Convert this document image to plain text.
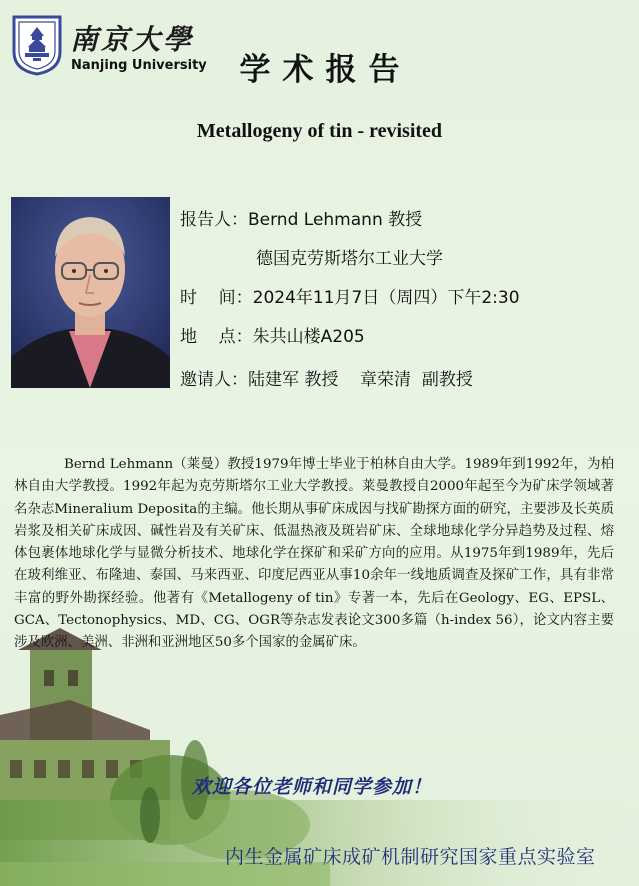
南京大學
Nanjing University	学术报告
Metallogeny of tin - revisited
报告人：Bernd Lehmann 教授
德国克劳斯塔尔工业大学
时    间：2024年11月7日（周四）下午2:30
地    点：朱共山楼A205
邀请人：陆建军 教授    章荣清  副教授
Bernd Lehmann（莱曼）教授1979年博士毕业于柏林自由大学。1989年到1992年，为柏林自由大学教授。1992年起为克劳斯塔尔工业大学教授。莱曼教授自2000年起至今为矿床学领域著名杂志Mineralium Deposita的主编。他长期从事矿床成因与找矿勘探方面的研究，主要涉及长英质岩浆及相关矿床成因、碱性岩及有关矿床、低温热液及斑岩矿床、全球地球化学分异趋势及过程、熔体包裹体地球化学与显微分析技术、地球化学在探矿和采矿方向的应用。从1975年到1989年，先后在玻利维亚、布隆迪、泰国、马来西亚、印度尼西亚从事10余年一线地质调查及探矿工作，具有非常丰富的野外勘探经验。他著有《Metallogeny of tin》专著一本，先后在Geology、EG、EPSL、GCA、Tectonophysics、MD、CG、OGR等杂志发表论文300多篇（h-index 56），论文内容主要涉及欧洲、美洲、非洲和亚洲地区50多个国家的金属矿床。
欢迎各位老师和同学参加！
内生金属矿床成矿机制研究国家重点实验室
